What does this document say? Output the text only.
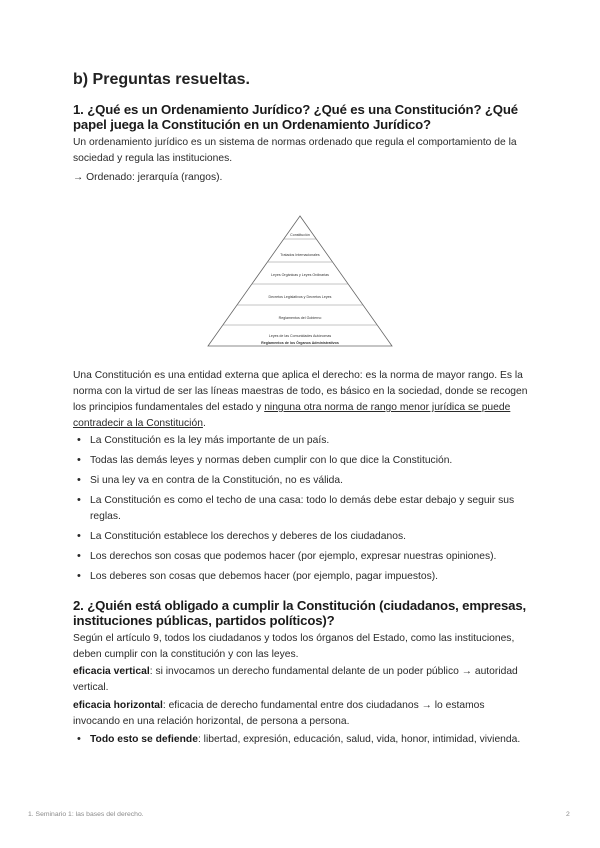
b) Preguntas resueltas.
1. ¿Qué es un Ordenamiento Jurídico? ¿Qué es una Constitución? ¿Qué papel juega la Constitución en un Ordenamiento Jurídico?

Un ordenamiento jurídico es un sistema de normas ordenado que regula el comportamiento de la sociedad y regula las instituciones.

→ Ordenado: jerarquía (rangos).

Constitución
Tratados Internacionales
Leyes Orgánicas y Leyes Ordinarias
Decretos Legislativos y Decretos Leyes
Reglamentos del Gobierno
Leyes de las Comunidades Autónomas
Reglamentos de los Órganos Administrativos

Una Constitución es una entidad externa que aplica el derecho: es la norma de mayor rango. Es la norma con la virtud de ser las líneas maestras de todo, es básico en la sociedad, donde se recogen los principios fundamentales del estado y ninguna otra norma de rango menor jurídica se puede contradecir a la Constitución.

• La Constitución es la ley más importante de un país.
• Todas las demás leyes y normas deben cumplir con lo que dice la Constitución.
• Si una ley va en contra de la Constitución, no es válida.
• La Constitución es como el techo de una casa: todo lo demás debe estar debajo y seguir sus reglas.
• La Constitución establece los derechos y deberes de los ciudadanos.
• Los derechos son cosas que podemos hacer (por ejemplo, expresar nuestras opiniones).
• Los deberes son cosas que debemos hacer (por ejemplo, pagar impuestos).
2. ¿Quién está obligado a cumplir la Constitución (ciudadanos, empresas, instituciones públicas, partidos políticos)?

Según el artículo 9, todos los ciudadanos y todos los órganos del Estado, como las instituciones, deben cumplir con la constitución y con las leyes.

eficacia vertical: si invocamos un derecho fundamental delante de un poder público → autoridad vertical.

eficacia horizontal: eficacia de derecho fundamental entre dos ciudadanos → lo estamos invocando en una relación horizontal, de persona a persona.

• Todo esto se defiende: libertad, expresión, educación, salud, vida, honor, intimidad, vivienda.
1. Seminario 1: las bases del derecho.	2
